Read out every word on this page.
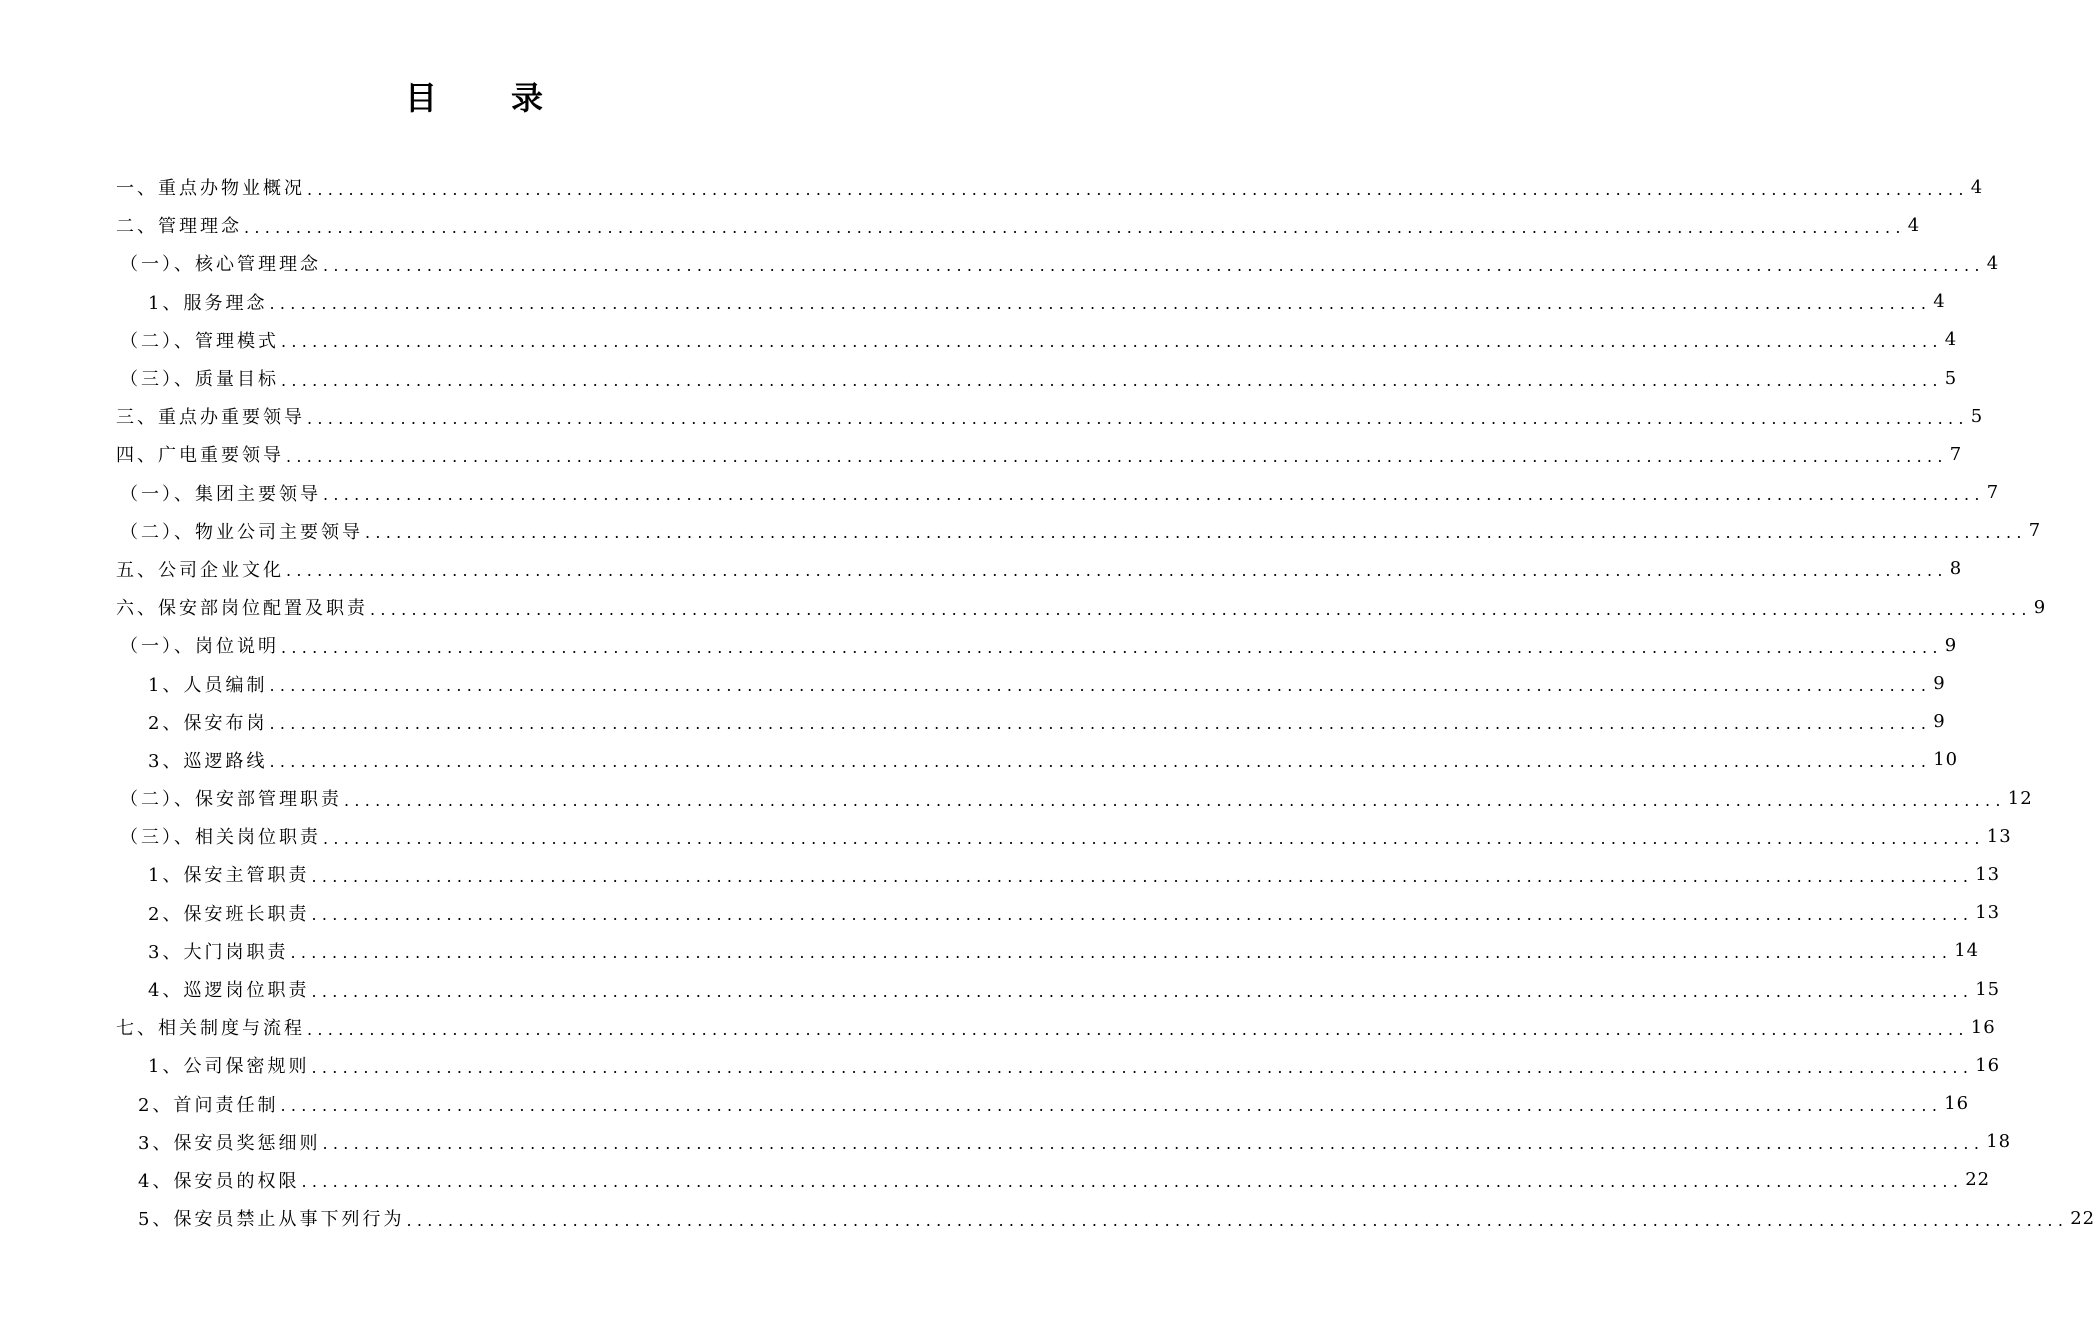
目 录
一、重点办物业概况 ................................................................................................................................................................ 4
二、管理理念 ................................................................................................................................................................ 4
（一）、核心管理理念 ................................................................................................................................................................ 4
1、服务理念 ................................................................................................................................................................ 4
（二）、管理模式 ................................................................................................................................................................ 4
（三）、质量目标 ................................................................................................................................................................ 5
三、重点办重要领导 ................................................................................................................................................................ 5
四、广电重要领导 ................................................................................................................................................................ 7
（一）、集团主要领导 ................................................................................................................................................................ 7
（二）、物业公司主要领导 ................................................................................................................................................................ 7
五、公司企业文化 ................................................................................................................................................................ 8
六、保安部岗位配置及职责 ................................................................................................................................................................ 9
（一）、岗位说明 ................................................................................................................................................................ 9
1、人员编制 ................................................................................................................................................................ 9
2、保安布岗 ................................................................................................................................................................ 9
3、巡逻路线 ................................................................................................................................................................ 10
（二）、保安部管理职责 ................................................................................................................................................................ 12
（三）、相关岗位职责 ................................................................................................................................................................ 13
1、保安主管职责 ................................................................................................................................................................ 13
2、保安班长职责 ................................................................................................................................................................ 13
3、大门岗职责 ................................................................................................................................................................ 14
4、巡逻岗位职责 ................................................................................................................................................................ 15
七、相关制度与流程 ................................................................................................................................................................ 16
1、公司保密规则 ................................................................................................................................................................ 16
2、首问责任制 ................................................................................................................................................................ 16
3、保安员奖惩细则 ................................................................................................................................................................ 18
4、保安员的权限 ................................................................................................................................................................ 22
5、保安员禁止从事下列行为 ................................................................................................................................................................ 22
